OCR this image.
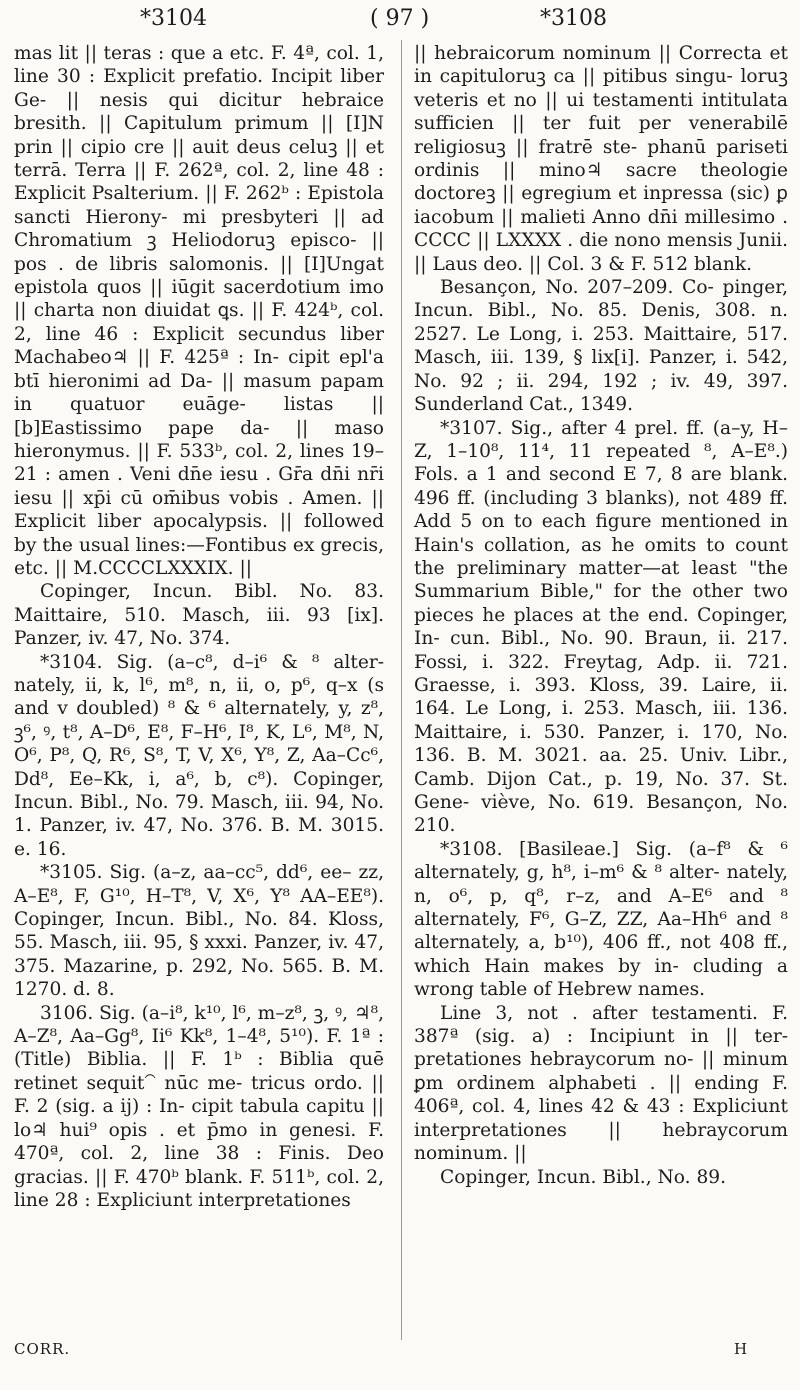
*3104	( 97 )	*3108

mas lit || teras : que a etc. F. 4ª, col. 1, line 30 : Explicit prefatio. Incipit liber Ge- || nesis qui dicitur hebraice bresith. || Capitulum primum || [I]N prin || cipio cre || auit deus celuꝫ || et terrā. Terra || F. 262ª, col. 2, line 48 : Explicit Psalterium. || F. 262ᵇ : Epistola sancti Hierony- mi presbyteri || ad Chromatium ꝫ Heliodoruꝫ episco- || pos . de libris salomonis. || [I]Ungat epistola quos || iūgit sacerdotium imo || charta non diuidat ꝗs. || F. 424ᵇ, col. 2, line 46 : Explicit secundus liber Machabeo♃ || F. 425ª : In- cipit epl'a btī hieronimi ad Da- || masum papam in quatuor euāge- listas || [b]Eastissimo pape da- || maso hieronymus. || F. 533ᵇ, col. 2, lines 19–21 : amen . Veni dn̄e iesu . Gr̄a dn̄i nr̄i iesu || xp̄i cū om̄ibus vobis . Amen. || Explicit liber apocalypsis. || followed by the usual lines:—Fontibus ex grecis, etc. || M.CCCCLXXXIX. ||

Copinger, Incun. Bibl. No. 83. Maittaire, 510. Masch, iii. 93 [ix]. Panzer, iv. 47, No. 374.

*3104. Sig. (a–c⁸, d–i⁶ & ⁸ alter- nately, ii, k, l⁶, m⁸, n, ii, o, p⁶, q–x (s and v doubled) ⁸ & ⁶ alternately, y, z⁸, ꝫ⁶, ꝰ, t⁸, A–D⁶, E⁸, F–H⁶, I⁸, K, L⁶, M⁸, N, O⁶, P⁸, Q, R⁶, S⁸, T, V, X⁶, Y⁸, Z, Aa–Cc⁶, Dd⁸, Ee–Kk, i, a⁶, b, c⁸). Copinger, Incun. Bibl., No. 79. Masch, iii. 94, No. 1. Panzer, iv. 47, No. 376. B. M. 3015. e. 16.

*3105. Sig. (a–z, aa–cc⁵, dd⁶, ee– zz, A–E⁸, F, G¹⁰, H–T⁸, V, X⁶, Y⁸ AA–EE⁸). Copinger, Incun. Bibl., No. 84. Kloss, 55. Masch, iii. 95, § xxxi. Panzer, iv. 47, 375. Mazarine, p. 292, No. 565. B. M. 1270. d. 8.

3106. Sig. (a–i⁸, k¹⁰, l⁶, m–z⁸, ꝫ, ꝰ, ♃⁸, A–Z⁸, Aa–Gg⁸, Ii⁶ Kk⁸, 1–4⁸, 5¹⁰). F. 1ª : (Title) Biblia. || F. 1ᵇ : Biblia quē retinet sequit⁀ nūc me- tricus ordo. || F. 2 (sig. a ij) : In- cipit tabula capitu || lo♃ hui⁹ opis . et p̄mo in genesi. F. 470ª, col. 2, line 38 : Finis. Deo gracias. || F. 470ᵇ blank. F. 511ᵇ, col. 2, line 28 : Expliciunt interpretationes

|| hebraicorum nominum || Correcta et in capituloruꝫ ca || pitibus singu- loruꝫ veteris et no || ui testamenti intitulata sufficien || ter fuit per venerabilē religiosuꝫ || fratrē ste- phanū pariseti ordinis || mino♃ sacre theologie doctoreꝫ || egregium et inpressa (sic) ꝑ iacobum || malieti Anno dn̄i millesimo . CCCC || LXXXX . die nono mensis Junii. || Laus deo. || Col. 3 & F. 512 blank.

Besançon, No. 207–209. Co- pinger, Incun. Bibl., No. 85. Denis, 308. n. 2527. Le Long, i. 253. Maittaire, 517. Masch, iii. 139, § lix[i]. Panzer, i. 542, No. 92 ; ii. 294, 192 ; iv. 49, 397. Sunderland Cat., 1349.

*3107. Sig., after 4 prel. ff. (a–y, H–Z, 1–10⁸, 11⁴, 11 repeated ⁸, A–E⁸.) Fols. a 1 and second E 7, 8 are blank. 496 ff. (including 3 blanks), not 489 ff. Add 5 on to each figure mentioned in Hain's collation, as he omits to count the preliminary matter—at least "the Summarium Bible," for the other two pieces he places at the end. Copinger, In- cun. Bibl., No. 90. Braun, ii. 217. Fossi, i. 322. Freytag, Adp. ii. 721. Graesse, i. 393. Kloss, 39. Laire, ii. 164. Le Long, i. 253. Masch, iii. 136. Maittaire, i. 530. Panzer, i. 170, No. 136. B. M. 3021. aa. 25. Univ. Libr., Camb. Dijon Cat., p. 19, No. 37. St. Gene- viève, No. 619. Besançon, No. 210.

*3108. [Basileae.] Sig. (a–f⁸ & ⁶ alternately, g, h⁸, i–m⁶ & ⁸ alter- nately, n, o⁶, p, q⁸, r–z, and A–E⁶ and ⁸ alternately, F⁶, G–Z, ZZ, Aa–Hh⁶ and ⁸ alternately, a, b¹⁰), 406 ff., not 408 ff., which Hain makes by in- cluding a wrong table of Hebrew names.

Line 3, not . after testamenti. F. 387ª (sig. a) : Incipiunt in || ter- pretationes hebraycorum no- || minum ꝑm ordinem alphabeti . || ending F. 406ª, col. 4, lines 42 & 43 : Expliciunt interpretationes || hebraycorum nominum. ||

Copinger, Incun. Bibl., No. 89.

CORR.	H
